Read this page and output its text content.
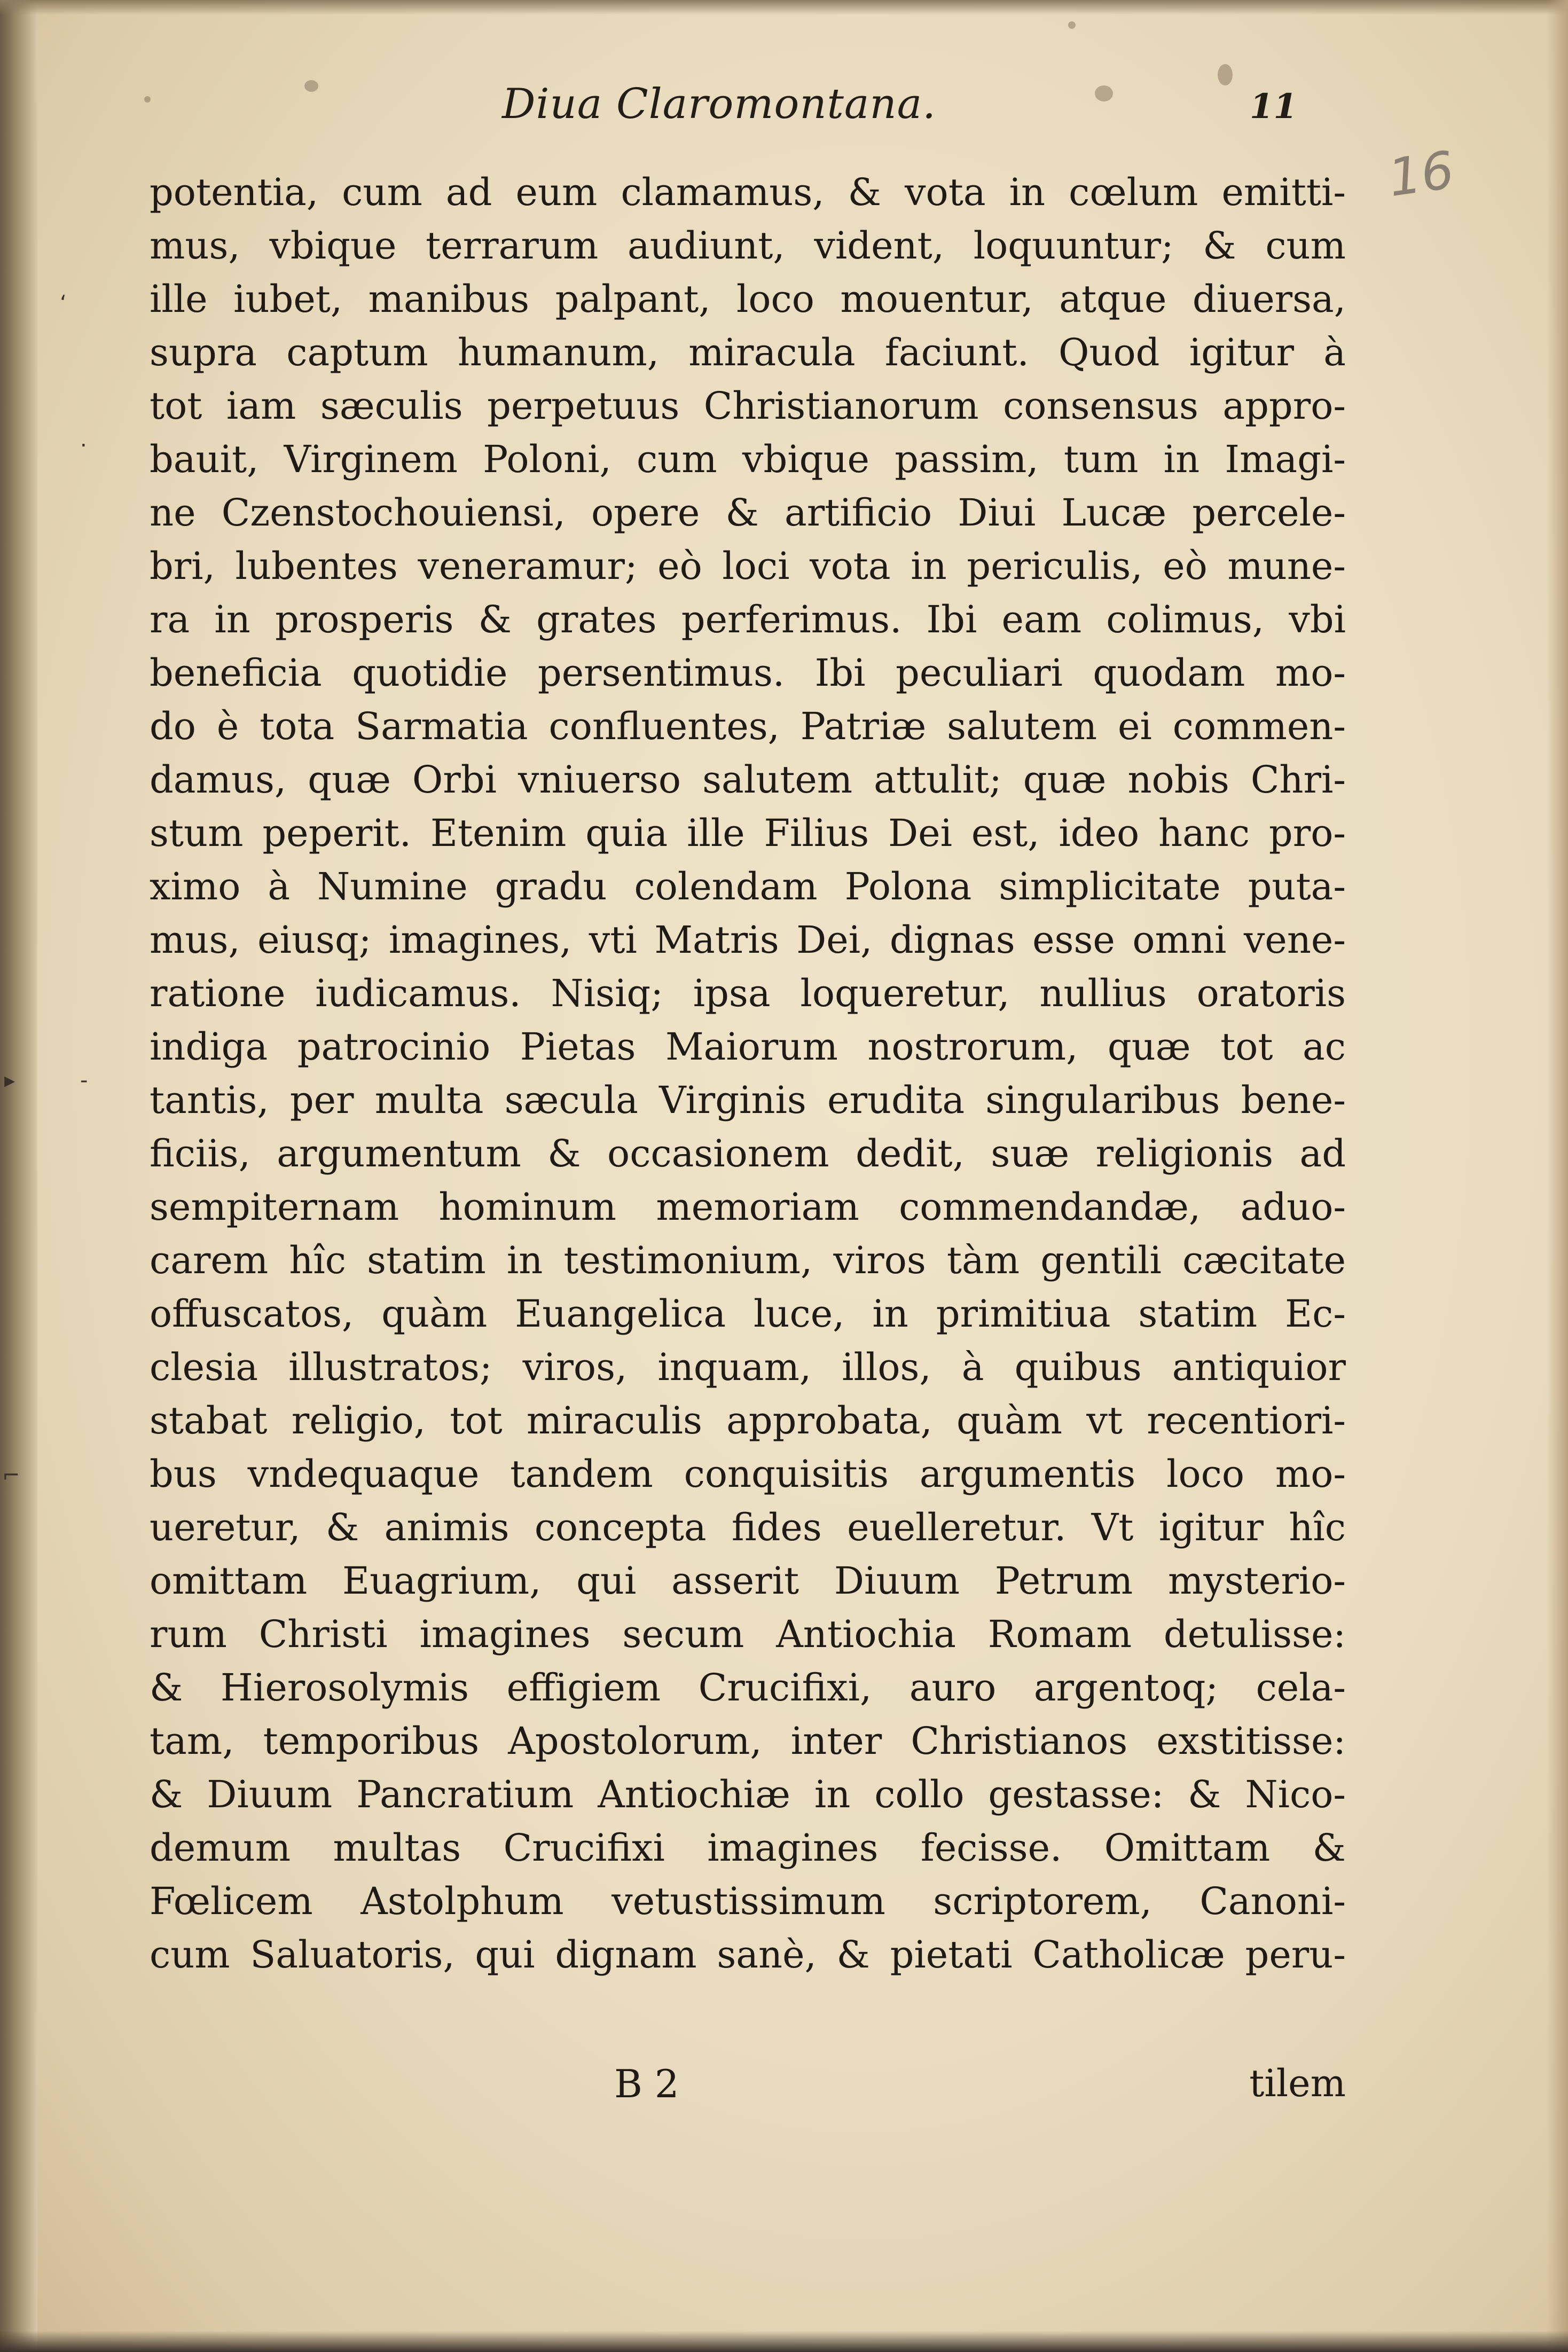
‘
.
▸	-
⌐
Diua Claromontana.	11
16
potentia, cum ad eum clamamus, & vota in cœlum emitti-
mus, vbique terrarum audiunt, vident, loquuntur; & cum
ille iubet, manibus palpant, loco mouentur, atque diuersa,
supra captum humanum, miracula faciunt. Quod igitur à
tot iam sæculis perpetuus Christianorum consensus appro-
bauit, Virginem Poloni, cum vbique passim, tum in Imagi-
ne Czenstochouiensi, opere & artificio Diui Lucæ percele-
bri, lubentes veneramur; eò loci vota in periculis, eò mune-
ra in prosperis & grates perferimus. Ibi eam colimus, vbi
beneficia quotidie persentimus. Ibi peculiari quodam mo-
do è tota Sarmatia confluentes, Patriæ salutem ei commen-
damus, quæ Orbi vniuerso salutem attulit; quæ nobis Chri-
stum peperit. Etenim quia ille Filius Dei est, ideo hanc pro-
ximo à Numine gradu colendam Polona simplicitate puta-
mus, eiusq; imagines, vti Matris Dei, dignas esse omni vene-
ratione iudicamus. Nisiq; ipsa loqueretur, nullius oratoris
indiga patrocinio Pietas Maiorum nostrorum, quæ tot ac
tantis, per multa sæcula Virginis erudita singularibus bene-
ficiis, argumentum & occasionem dedit, suæ religionis ad
sempiternam hominum memoriam commendandæ, aduo-
carem hîc statim in testimonium, viros tàm gentili cæcitate
offuscatos, quàm Euangelica luce, in primitiua statim Ec-
clesia illustratos; viros, inquam, illos, à quibus antiquior
stabat religio, tot miraculis approbata, quàm vt recentiori-
bus vndequaque tandem conquisitis argumentis loco mo-
ueretur, & animis concepta fides euelleretur. Vt igitur hîc
omittam Euagrium, qui asserit Diuum Petrum mysterio-
rum Christi imagines secum Antiochia Romam detulisse:
& Hierosolymis effigiem Crucifixi, auro argentoq; cela-
tam, temporibus Apostolorum, inter Christianos exstitisse:
& Diuum Pancratium Antiochiæ in collo gestasse: & Nico-
demum multas Crucifixi imagines fecisse. Omittam &
Fœlicem Astolphum vetustissimum scriptorem, Canoni-
cum Saluatoris, qui dignam sanè, & pietati Catholicæ peru-
B 2	tilem
